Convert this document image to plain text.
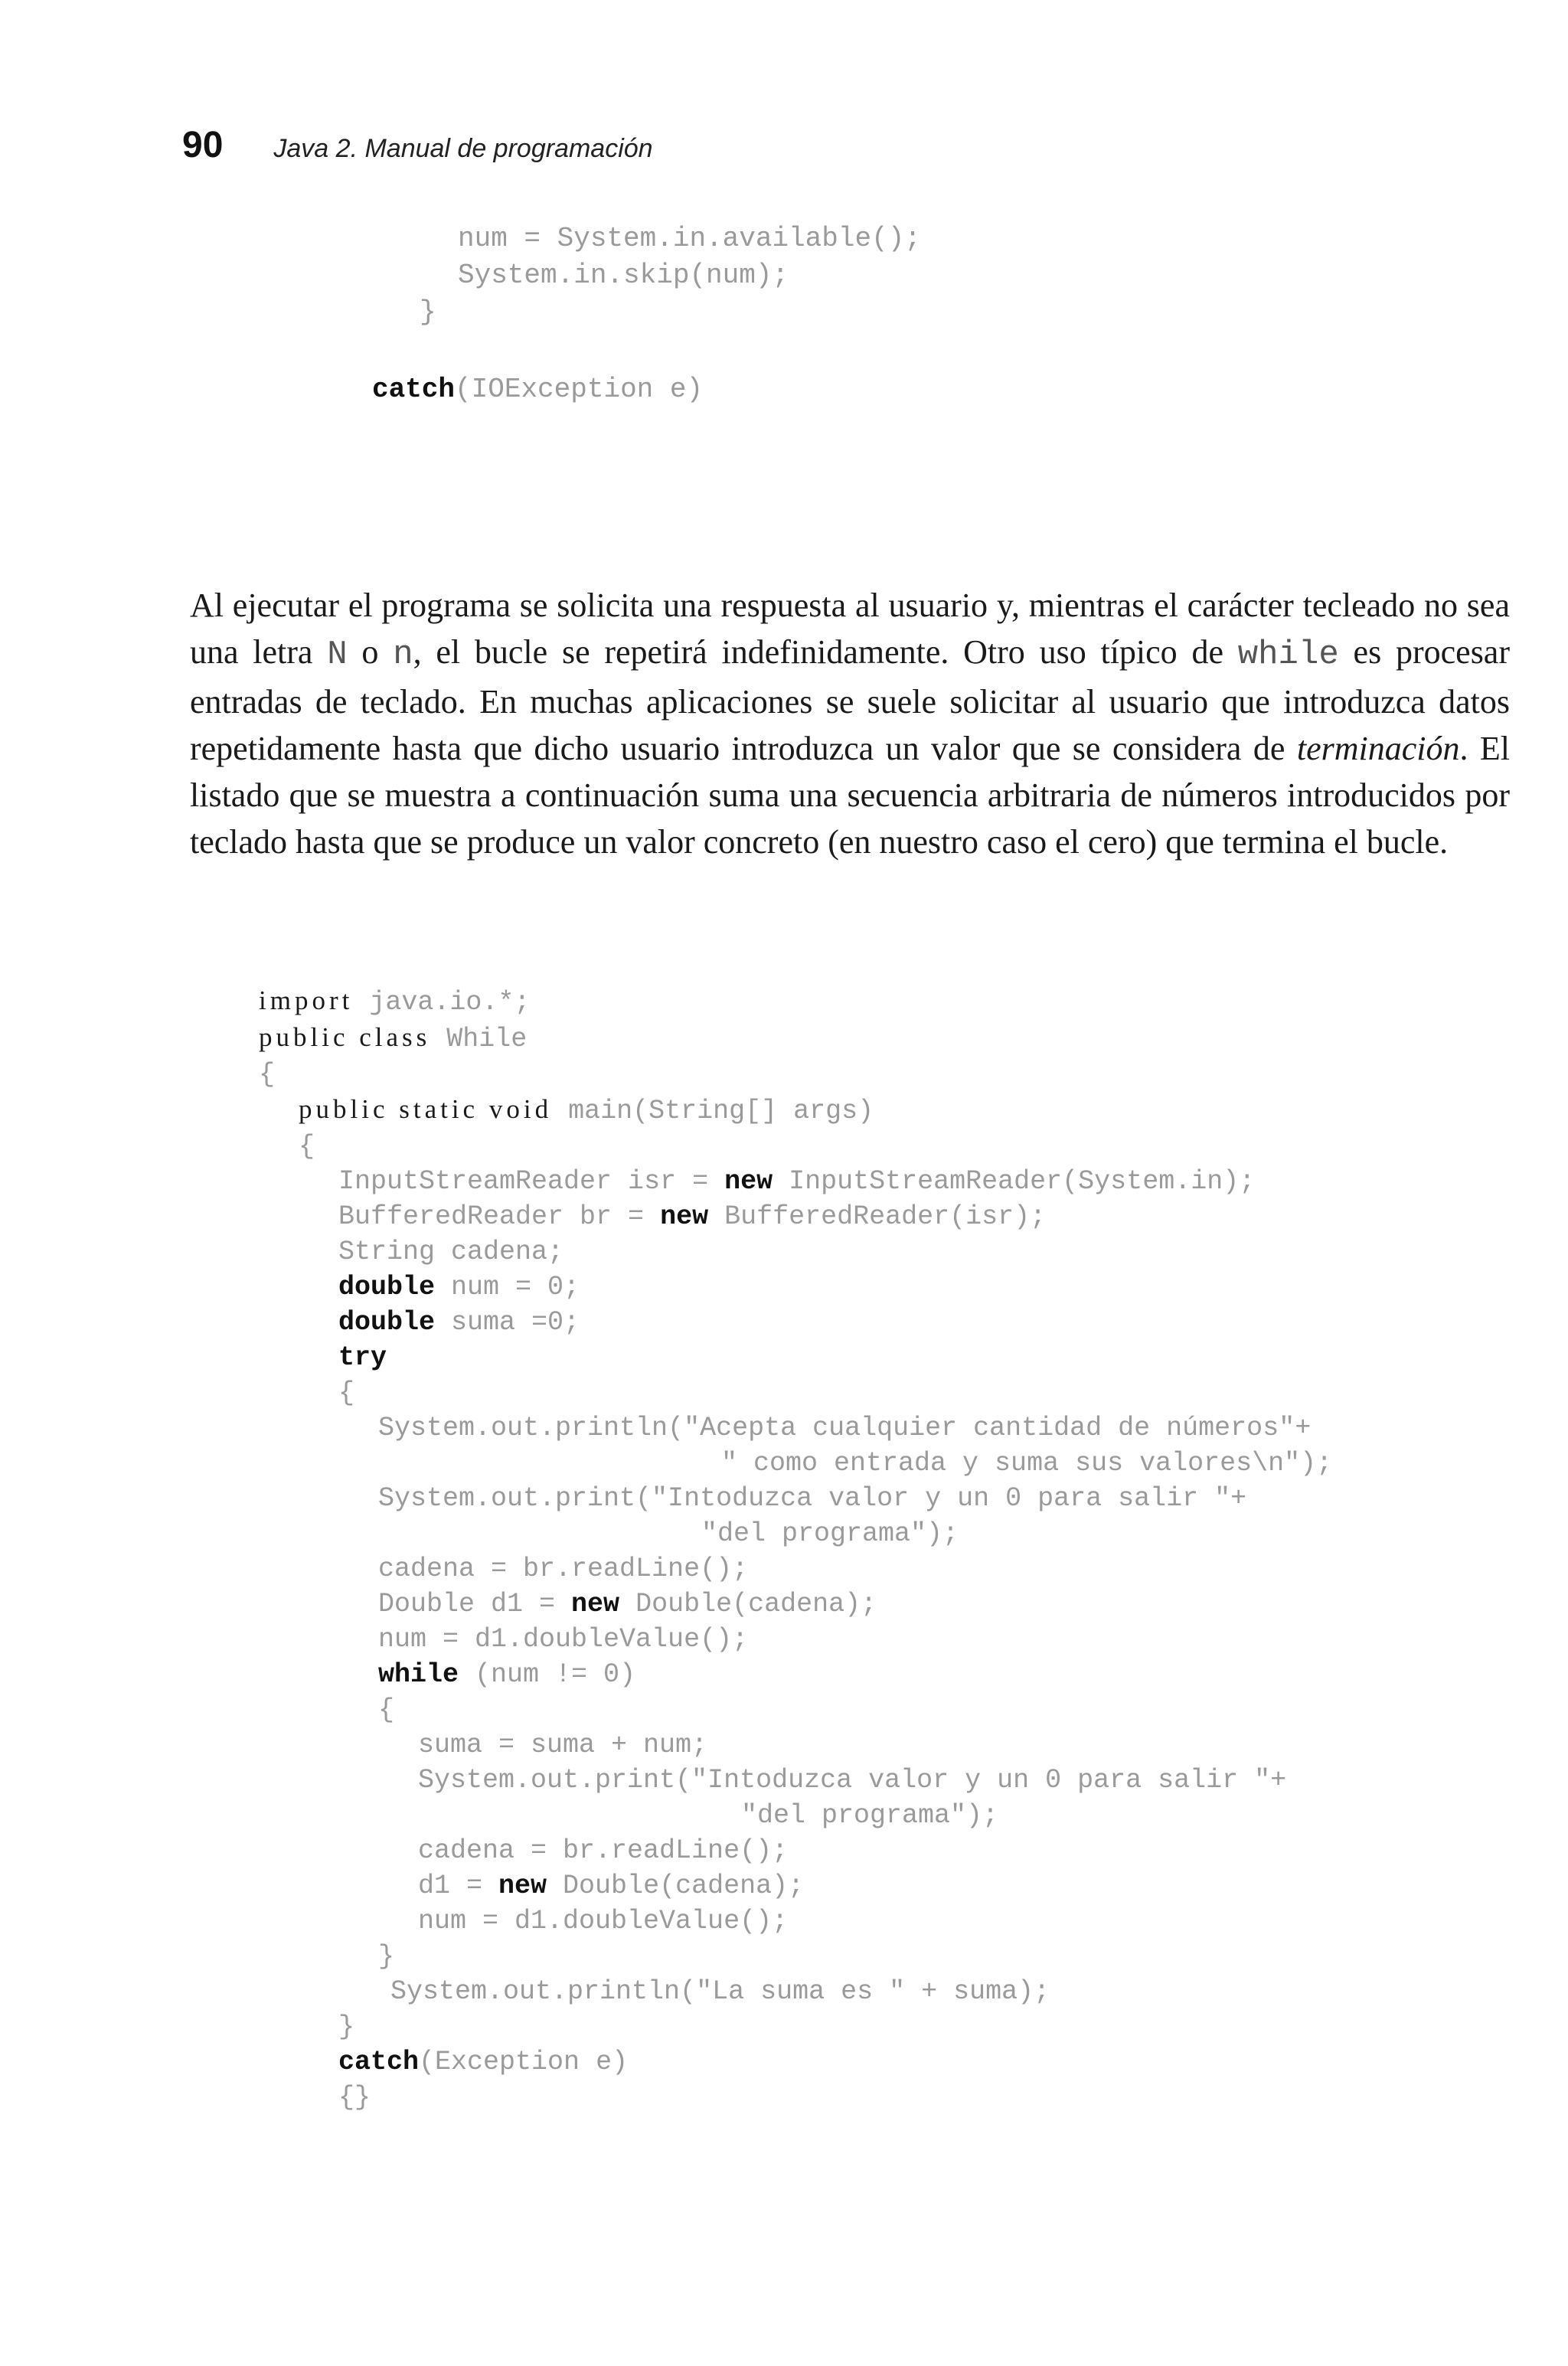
90 Java 2. Manual de programación
num = System.in.available();
System.in.skip(num);
}
catch(IOException e)

Al ejecutar el programa se solicita una respuesta al usuario y, mientras el carácter tecleado no sea una letra N o n, el bucle se repetirá indefinidamente. Otro uso típico de while es procesar entradas de teclado. En muchas aplicaciones se suele solicitar al usuario que introduzca datos repetidamente hasta que dicho usuario introduzca un valor que se considera de terminación. El listado que se muestra a continuación suma una secuencia arbitraria de números introducidos por teclado hasta que se produce un valor concreto (en nuestro caso el cero) que termina el bucle.

import java.io.*;
public class While
{
public static void main(String[] args)
{
InputStreamReader isr = new InputStreamReader(System.in);
BufferedReader br = new BufferedReader(isr);
String cadena;
double num = 0;
double suma =0;
try
{
System.out.println("Acepta cualquier cantidad de números"+
" como entrada y suma sus valores\n");
System.out.print("Intoduzca valor y un 0 para salir "+
"del programa");
cadena = br.readLine();
Double d1 = new Double(cadena);
num = d1.doubleValue();
while (num != 0)
{
suma = suma + num;
System.out.print("Intoduzca valor y un 0 para salir "+
"del programa");
cadena = br.readLine();
d1 = new Double(cadena);
num = d1.doubleValue();
}
System.out.println("La suma es " + suma);
}
catch(Exception e)
{}
